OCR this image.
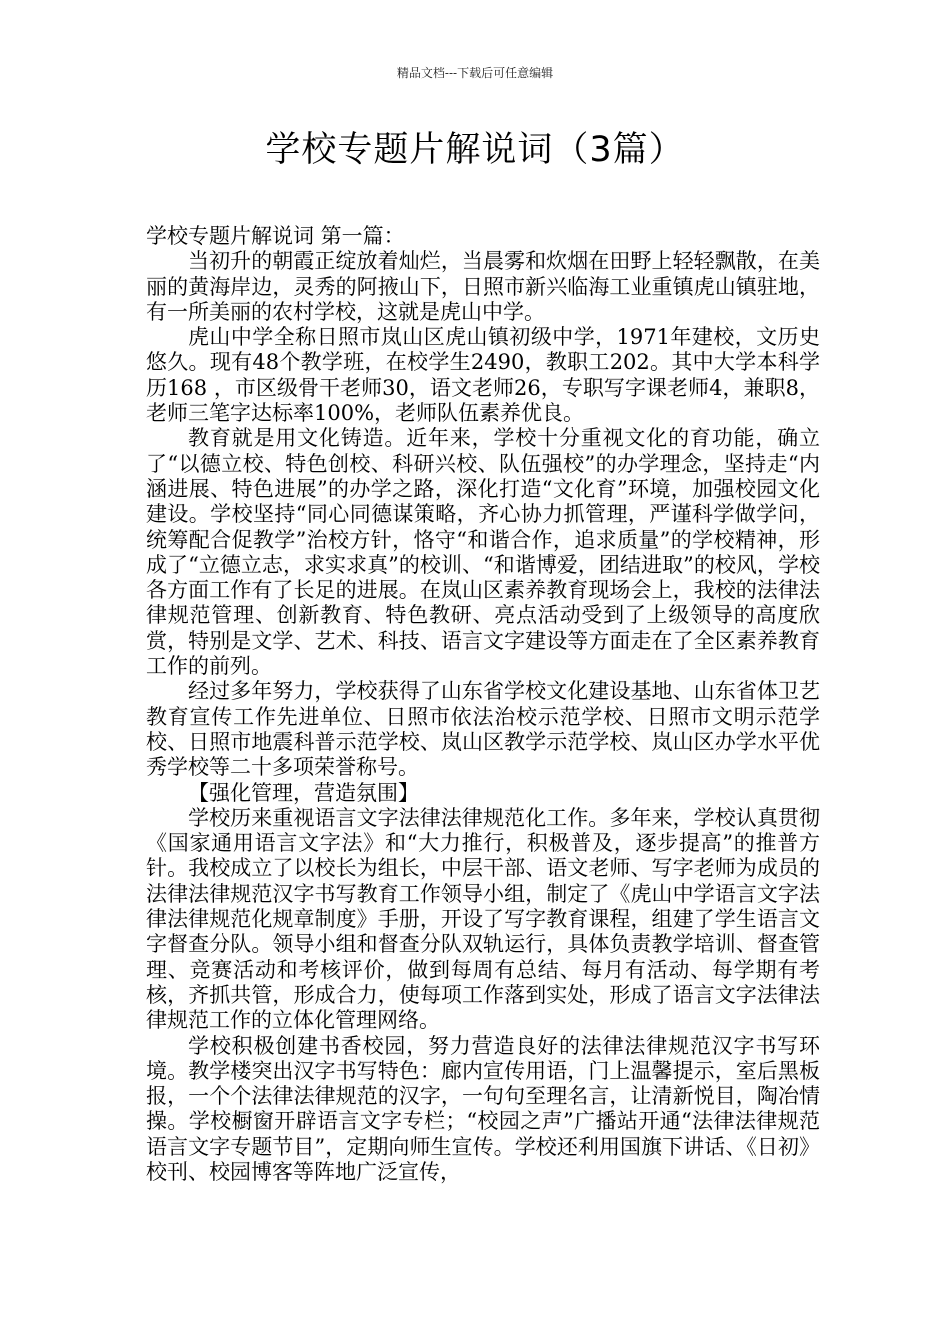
精品文档---下载后可任意编辑
学校专题片解说词（3篇）

学校专题片解说词 第一篇：

当初升的朝霞正绽放着灿烂，当晨雾和炊烟在田野上轻轻飘散，在美丽的黄海岸边，灵秀的阿掖山下，日照市新兴临海工业重镇虎山镇驻地，有一所美丽的农村学校，这就是虎山中学。

虎山中学全称日照市岚山区虎山镇初级中学，1971年建校，文历史悠久。现有48个教学班，在校学生2490，教职工202。其中大学本科学历168 ，市区级骨干老师30，语文老师26，专职写字课老师4，兼职8，老师三笔字达标率100%，老师队伍素养优良。

教育就是用文化铸造。近年来，学校十分重视文化的育功能，确立了“以德立校、特色创校、科研兴校、队伍强校”的办学理念，坚持走“内涵进展、特色进展”的办学之路，深化打造“文化育”环境，加强校园文化建设。学校坚持“同心同德谋策略，齐心协力抓管理，严谨科学做学问，统筹配合促教学”治校方针，恪守“和谐合作，追求质量”的学校精神，形成了“立德立志，求实求真”的校训、“和谐博爱，团结进取”的校风，学校各方面工作有了长足的进展。在岚山区素养教育现场会上，我校的法律法律规范管理、创新教育、特色教研、亮点活动受到了上级领导的高度欣赏，特别是文学、艺术、科技、语言文字建设等方面走在了全区素养教育工作的前列。

经过多年努力，学校获得了山东省学校文化建设基地、山东省体卫艺教育宣传工作先进单位、日照市依法治校示范学校、日照市文明示范学校、日照市地震科普示范学校、岚山区教学示范学校、岚山区办学水平优秀学校等二十多项荣誉称号。

【强化管理，营造氛围】

学校历来重视语言文字法律法律规范化工作。多年来，学校认真贯彻《国家通用语言文字法》和“大力推行，积极普及，逐步提高”的推普方针。我校成立了以校长为组长，中层干部、语文老师、写字老师为成员的法律法律规范汉字书写教育工作领导小组，制定了《虎山中学语言文字法律法律规范化规章制度》手册，开设了写字教育课程，组建了学生语言文字督查分队。领导小组和督查分队双轨运行，具体负责教学培训、督查管理、竞赛活动和考核评价，做到每周有总结、每月有活动、每学期有考核，齐抓共管，形成合力，使每项工作落到实处，形成了语言文字法律法律规范工作的立体化管理网络。

学校积极创建书香校园，努力营造良好的法律法律规范汉字书写环境。教学楼突出汉字书写特色：廊内宣传用语，门上温馨提示，室后黑板报，一个个法律法律规范的汉字，一句句至理名言，让清新悦目，陶冶情操。学校橱窗开辟语言文字专栏；“校园之声”广播站开通“法律法律规范语言文字专题节目”，定期向师生宣传。学校还利用国旗下讲话、《日初》校刊、校园博客等阵地广泛宣传，
